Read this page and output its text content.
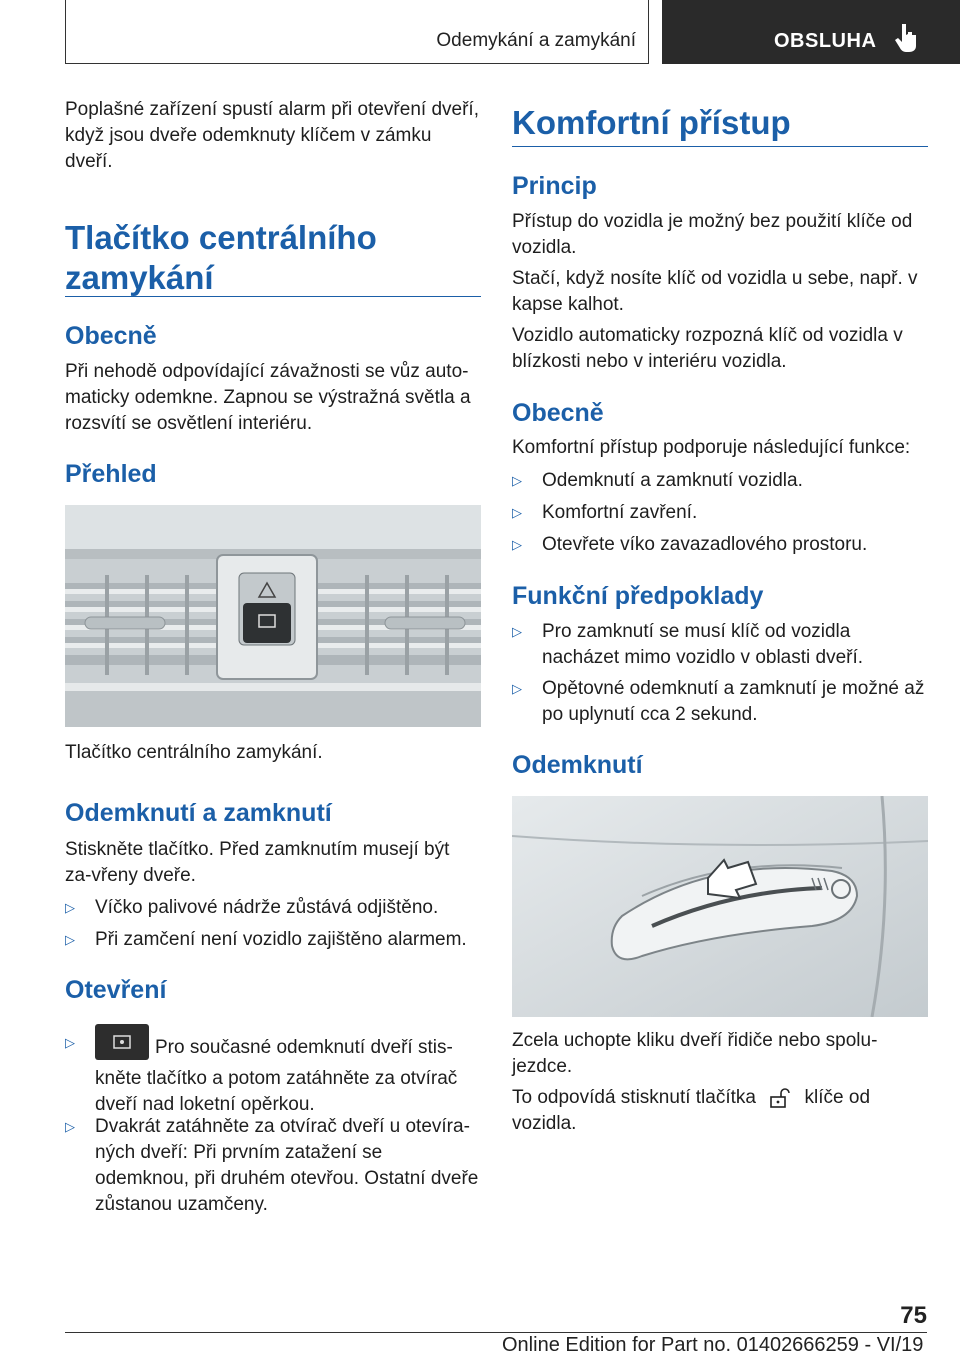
Odemykání a zamykání	OBSLUHA

Poplašné zařízení spustí alarm při otevření dveří, když jsou dveře odemknuty klíčem v zámku dveří.

Tlačítko centrálního zamykání
Obecně

Při nehodě odpovídající závažnosti se vůz auto-maticky odemkne. Zapnou se výstražná světla a rozsvítí se osvětlení interiéru.

Přehled
Tlačítko centrálního zamykání.
Odemknutí a zamknutí

Stiskněte tlačítko. Před zamknutím musejí být za-vřeny dveře.

▷ Víčko palivové nádrže zůstává odjištěno.
▷ Při zamčení není vozidlo zajištěno alarmem.
Otevření
▷	Pro současné odemknutí dveří stis-kněte tlačítko a potom zatáhněte za otvírač dveří nad loketní opěrkou.
▷ Dvakrát zatáhněte za otvírač dveří u otevíra-ných dveří: Při prvním zatažení se odemknou, při druhém otevřou. Ostatní dveře zůstanou uzamčeny.
Komfortní přístup
Princip

Přístup do vozidla je možný bez použití klíče od vozidla.

Stačí, když nosíte klíč od vozidla u sebe, např. v kapse kalhot.

Vozidlo automaticky rozpozná klíč od vozidla v blízkosti nebo v interiéru vozidla.

Obecně

Komfortní přístup podporuje následující funkce:

▷ Odemknutí a zamknutí vozidla.
▷ Komfortní zavření.
▷ Otevřete víko zavazadlového prostoru.
Funkční předpoklady
▷ Pro zamknutí se musí klíč od vozidla nacházet mimo vozidlo v oblasti dveří.
▷ Opětovné odemknutí a zamknutí je možné až po uplynutí cca 2 sekund.
Odemknutí

Zcela uchopte kliku dveří řidiče nebo spolu-jezdce.

To odpovídá stisknutí tlačítka	klíče od vozidla.

75
Online Edition for Part no. 01402666259 - VI/19
